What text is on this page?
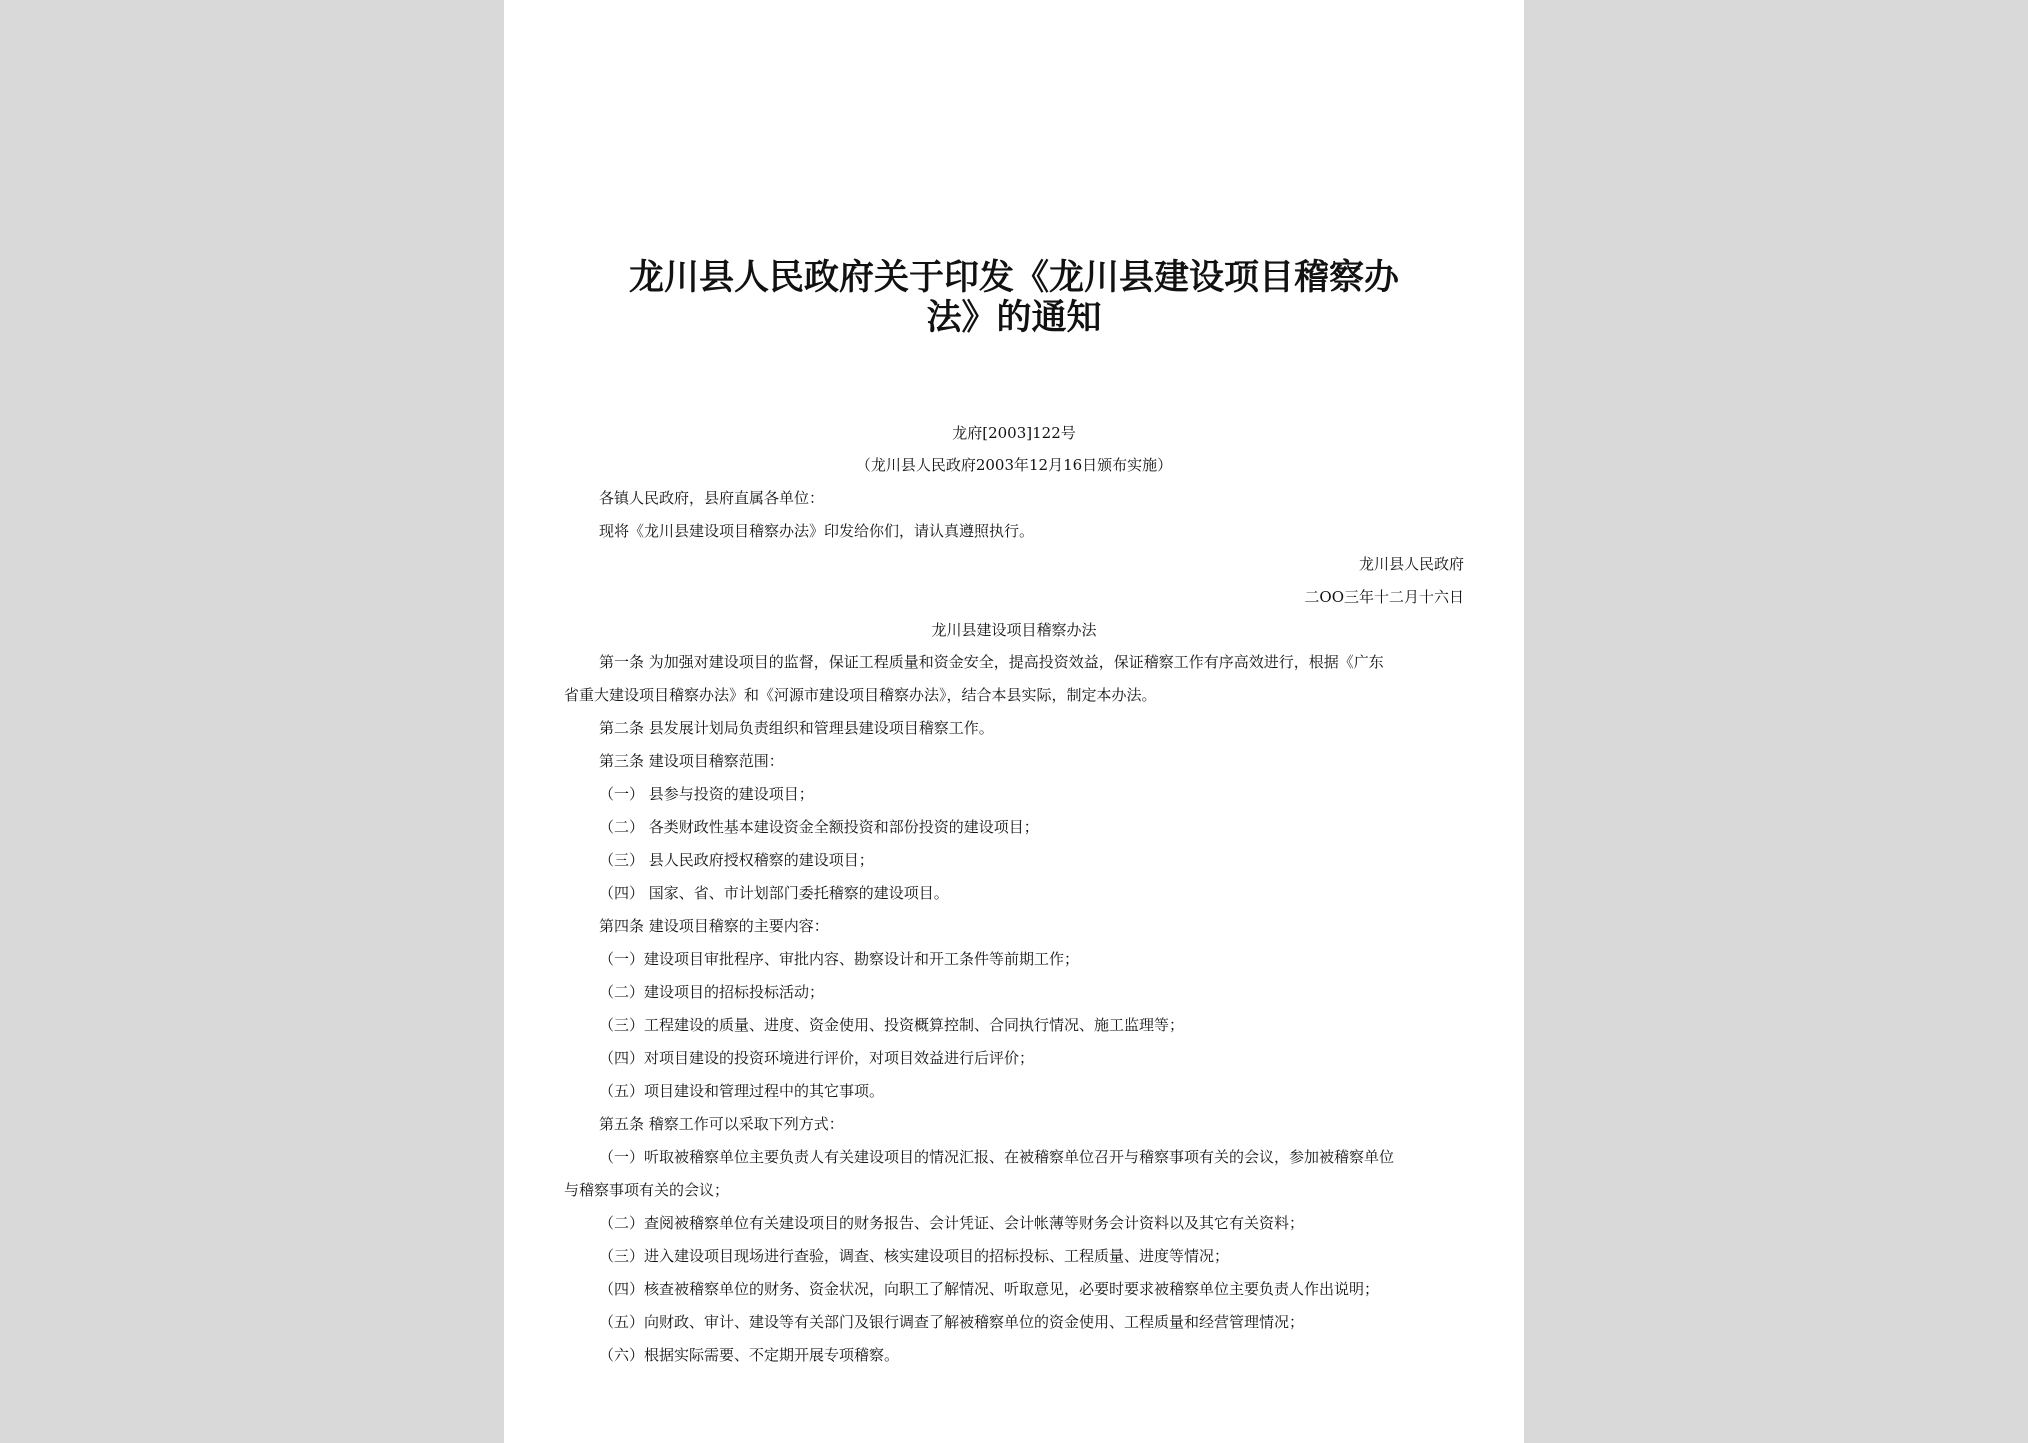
龙川县人民政府关于印发《龙川县建设项目稽察办
法》的通知
龙府[2003]122号
（龙川县人民政府2003年12月16日颁布实施）
各镇人民政府，县府直属各单位：
现将《龙川县建设项目稽察办法》印发给你们，请认真遵照执行。
龙川县人民政府
二OO三年十二月十六日
龙川县建设项目稽察办法
第一条 为加强对建设项目的监督，保证工程质量和资金安全，提高投资效益，保证稽察工作有序高效进行，根据《广东
省重大建设项目稽察办法》和《河源市建设项目稽察办法》，结合本县实际，制定本办法。
第二条 县发展计划局负责组织和管理县建设项目稽察工作。
第三条 建设项目稽察范围：
（一） 县参与投资的建设项目；
（二） 各类财政性基本建设资金全额投资和部份投资的建设项目；
（三） 县人民政府授权稽察的建设项目；
（四） 国家、省、市计划部门委托稽察的建设项目。
第四条 建设项目稽察的主要内容：
（一）建设项目审批程序、审批内容、勘察设计和开工条件等前期工作；
（二）建设项目的招标投标活动；
（三）工程建设的质量、进度、资金使用、投资概算控制、合同执行情况、施工监理等；
（四）对项目建设的投资环境进行评价，对项目效益进行后评价；
（五）项目建设和管理过程中的其它事项。
第五条 稽察工作可以采取下列方式：
（一）听取被稽察单位主要负责人有关建设项目的情况汇报、在被稽察单位召开与稽察事项有关的会议，参加被稽察单位
与稽察事项有关的会议；
（二）查阅被稽察单位有关建设项目的财务报告、会计凭证、会计帐薄等财务会计资料以及其它有关资料；
（三）进入建设项目现场进行查验，调查、核实建设项目的招标投标、工程质量、进度等情况；
（四）核查被稽察单位的财务、资金状况，向职工了解情况、听取意见，必要时要求被稽察单位主要负责人作出说明；
（五）向财政、审计、建设等有关部门及银行调查了解被稽察单位的资金使用、工程质量和经营管理情况；
（六）根据实际需要、不定期开展专项稽察。
